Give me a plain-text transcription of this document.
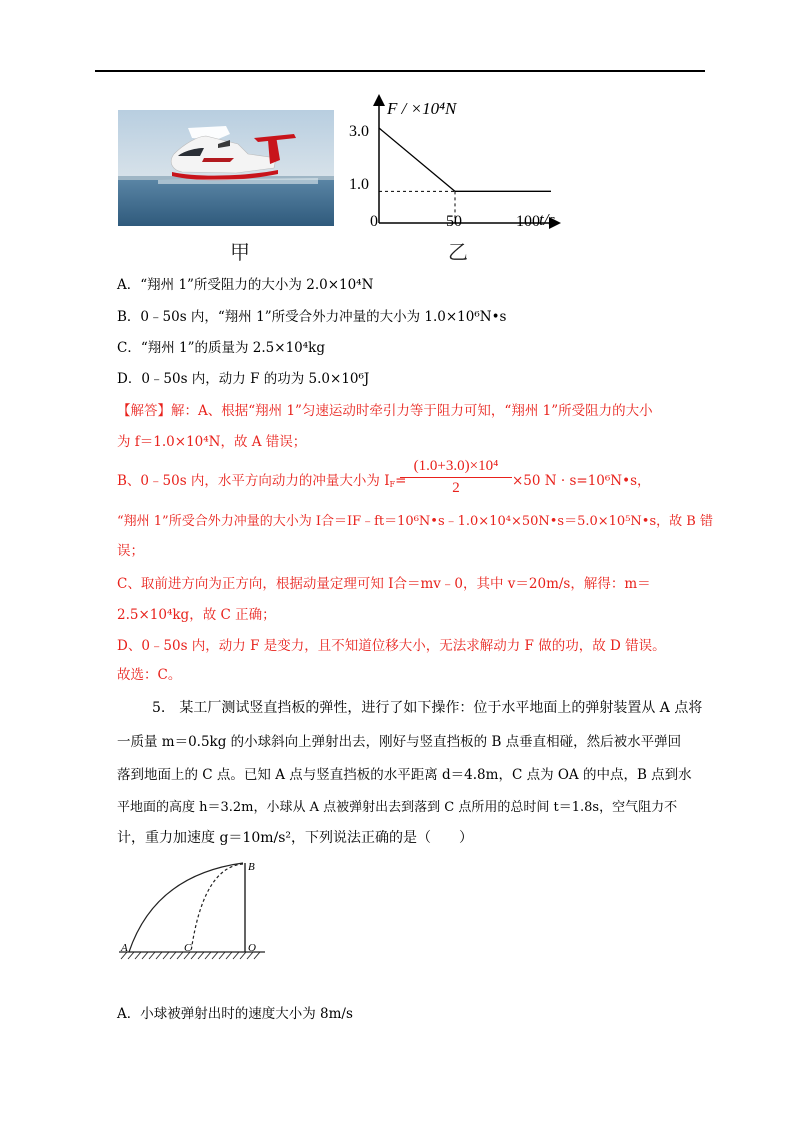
甲
F / ×10⁴N
t/s
3.0
1.0
0	50	100
乙
A．“翔州 1”所受阻力的大小为 2.0×10⁴N
B．0﹣50s 内，“翔州 1”所受合外力冲量的大小为 1.0×10⁶N•s
C．“翔州 1”的质量为 2.5×10⁴kg
D．0﹣50s 内，动力 F 的功为 5.0×10⁶J
【解答】解：A、根据“翔州 1”匀速运动时牵引力等于阻力可知，“翔州 1”所受阻力的大小
为 f＝1.0×10⁴N，故 A 错误；
B、0﹣50s 内，水平方向动力的冲量大小为 $I_F=$
$\frac{\text{(1.0+3.0)×10⁴}}{2} \times 50$ N · s=10⁶N•s，
“翔州 1”所受合外力冲量的大小为 I合＝IF﹣ft＝10⁶N•s﹣1.0×10⁴×50N•s＝5.0×10⁵N•s，故 B 错
误；
C、取前进方向为正方向，根据动量定理可知 I合＝mv﹣0，其中 v＝20m/s，解得：m＝
2.5×10⁴kg，故 C 正确；
D、0﹣50s 内，动力 F 是变力，且不知道位移大小，无法求解动力 F 做的功，故 D 错误。
故选：C。
5.　某工厂测试竖直挡板的弹性，进行了如下操作：位于水平地面上的弹射装置从 A 点将
一质量 m＝0.5kg 的小球斜向上弹射出去，刚好与竖直挡板的 B 点垂直相碰，然后被水平弹回
落到地面上的 C 点。已知 A 点与竖直挡板的水平距离 d＝4.8m，C 点为 OA 的中点，B 点到水
平地面的高度 h＝3.2m，小球从 A 点被弹射出去到落到 C 点所用的总时间 t＝1.8s，空气阻力不
计，重力加速度 g＝10m/s²，下列说法正确的是（　　）
A	C	O
B
A．小球被弹射出时的速度大小为 8m/s
